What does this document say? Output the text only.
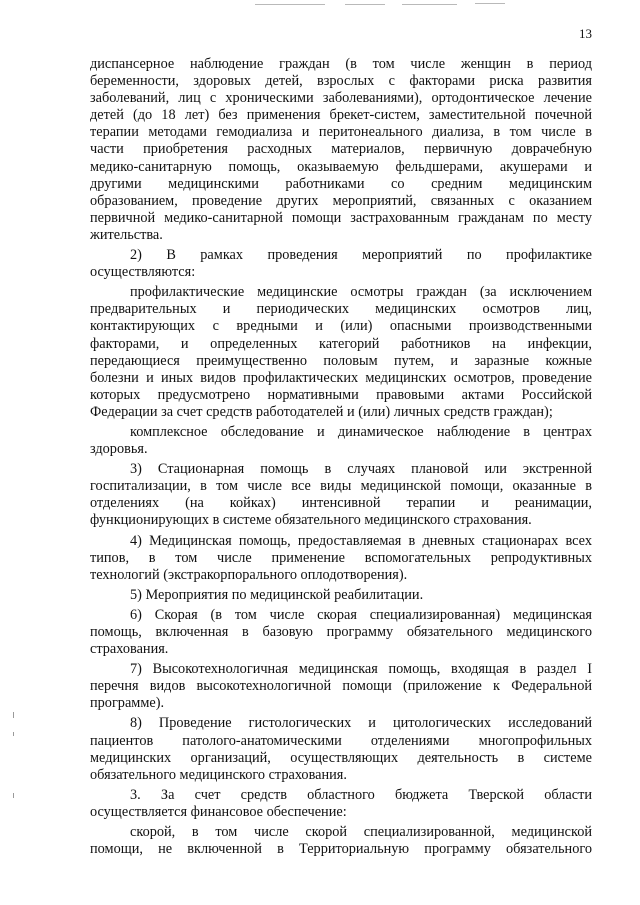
13

диспансерное наблюдение граждан (в том числе женщин в период

беременности, здоровых детей, взрослых с факторами риска развития

заболеваний, лиц с хроническими заболеваниями), ортодонтическое лечение

детей (до 18 лет) без применения брекет-систем, заместительной почечной

терапии методами гемодиализа и перитонеального диализа, в том числе в

части приобретения расходных материалов, первичную доврачебную

медико-санитарную помощь, оказываемую фельдшерами, акушерами и

другими медицинскими работниками со средним медицинским

образованием, проведение других мероприятий, связанных с оказанием

первичной медико-санитарной помощи застрахованным гражданам по месту

жительства.

2) В рамках проведения мероприятий по профилактике

осуществляются:

профилактические медицинские осмотры граждан (за исключением

предварительных и периодических медицинских осмотров лиц,

контактирующих с вредными и (или) опасными производственными

факторами, и определенных категорий работников на инфекции,

передающиеся преимущественно половым путем, и заразные кожные

болезни и иных видов профилактических медицинских осмотров, проведение

которых предусмотрено нормативными правовыми актами Российской

Федерации за счет средств работодателей и (или) личных средств граждан);

комплексное обследование и динамическое наблюдение в центрах

здоровья.

3) Стационарная помощь в случаях плановой или экстренной

госпитализации, в том числе все виды медицинской помощи, оказанные в

отделениях (на койках) интенсивной терапии и реанимации,

функционирующих в системе обязательного медицинского страхования.

4) Медицинская помощь, предоставляемая в дневных стационарах всех

типов, в том числе применение вспомогательных репродуктивных

технологий (экстракорпорального оплодотворения).

5) Мероприятия по медицинской реабилитации.

6) Скорая (в том числе скорая специализированная) медицинская

помощь, включенная в базовую программу обязательного медицинского

страхования.

7) Высокотехнологичная медицинская помощь, входящая в раздел I

перечня видов высокотехнологичной помощи (приложение к Федеральной

программе).

8) Проведение гистологических и цитологических исследований

пациентов патолого-анатомическими отделениями многопрофильных

медицинских организаций, осуществляющих деятельность в системе

обязательного медицинского страхования.

3. За счет средств областного бюджета Тверской области

осуществляется финансовое обеспечение:

скорой, в том числе скорой специализированной, медицинской

помощи, не включенной в Территориальную программу обязательного
